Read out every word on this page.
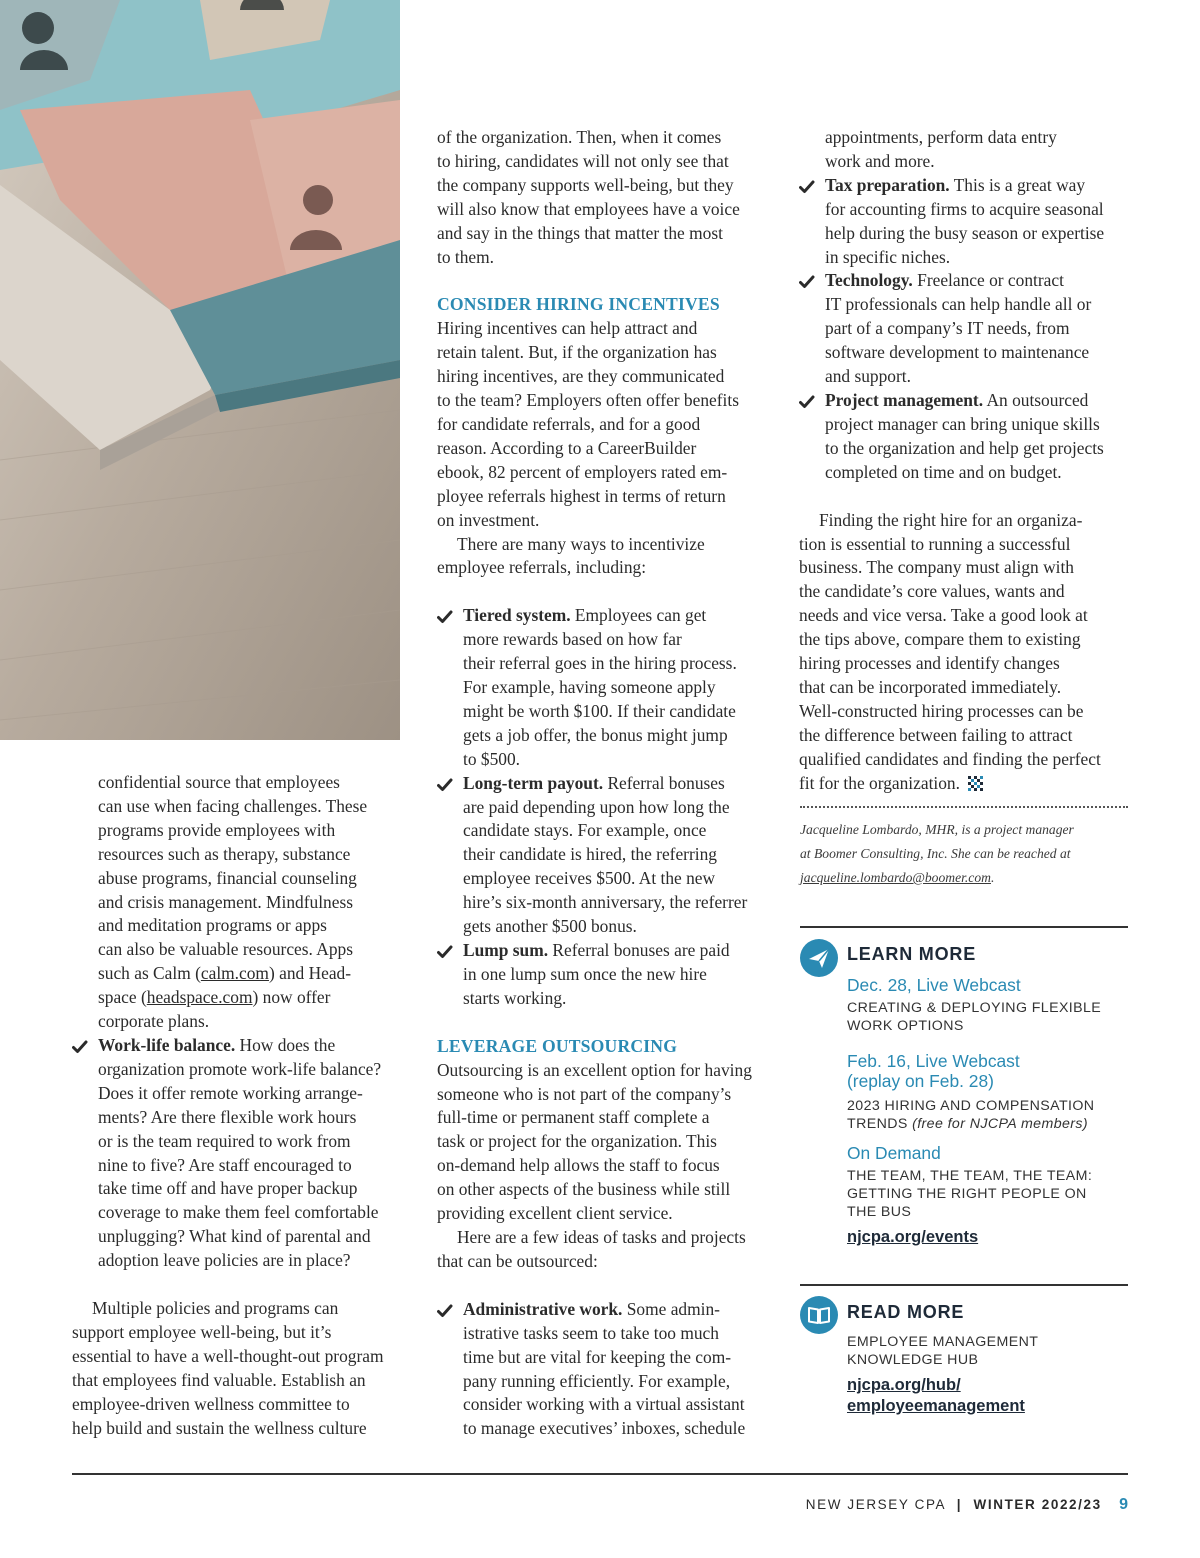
confidential source that employees

can use when facing challenges. These

programs provide employees with

resources such as therapy, substance

abuse programs, financial counseling

and crisis management. Mindfulness

and meditation programs or apps

can also be valuable resources. Apps

such as Calm (calm.com) and Head-

space (headspace.com) now offer

corporate plans.

Work-life balance. How does the

organization promote work-life balance?

Does it offer remote working arrange-

ments? Are there flexible work hours

or is the team required to work from

nine to five? Are staff encouraged to

take time off and have proper backup

coverage to make them feel comfortable

unplugging? What kind of parental and

adoption leave policies are in place?

Multiple policies and programs can

support employee well-being, but it’s

essential to have a well-thought-out program

that employees find valuable. Establish an

employee-driven wellness committee to

help build and sustain the wellness culture

of the organization. Then, when it comes

to hiring, candidates will not only see that

the company supports well-being, but they

will also know that employees have a voice

and say in the things that matter the most

to them.

CONSIDER HIRING INCENTIVES

Hiring incentives can help attract and

retain talent. But, if the organization has

hiring incentives, are they communicated

to the team? Employers often offer benefits

for candidate referrals, and for a good

reason. According to a CareerBuilder

ebook, 82 percent of employers rated em-

ployee referrals highest in terms of return

on investment.

There are many ways to incentivize

employee referrals, including:

Tiered system. Employees can get

more rewards based on how far

their referral goes in the hiring process.

For example, having someone apply

might be worth $100. If their candidate

gets a job offer, the bonus might jump

to $500.

Long-term payout. Referral bonuses

are paid depending upon how long the

candidate stays. For example, once

their candidate is hired, the referring

employee receives $500. At the new

hire’s six-month anniversary, the referrer

gets another $500 bonus.

Lump sum. Referral bonuses are paid

in one lump sum once the new hire

starts working.

LEVERAGE OUTSOURCING

Outsourcing is an excellent option for having

someone who is not part of the company’s

full-time or permanent staff complete a

task or project for the organization. This

on-demand help allows the staff to focus

on other aspects of the business while still

providing excellent client service.

Here are a few ideas of tasks and projects

that can be outsourced:

Administrative work. Some admin-

istrative tasks seem to take too much

time but are vital for keeping the com-

pany running efficiently. For example,

consider working with a virtual assistant

to manage executives’ inboxes, schedule

appointments, perform data entry

work and more.

Tax preparation. This is a great way

for accounting firms to acquire seasonal

help during the busy season or expertise

in specific niches.

Technology. Freelance or contract

IT professionals can help handle all or

part of a company’s IT needs, from

software development to maintenance

and support.

Project management. An outsourced

project manager can bring unique skills

to the organization and help get projects

completed on time and on budget.

Finding the right hire for an organiza-

tion is essential to running a successful

business. The company must align with

the candidate’s core values, wants and

needs and vice versa. Take a good look at

the tips above, compare them to existing

hiring processes and identify changes

that can be incorporated immediately.

Well-constructed hiring processes can be

the difference between failing to attract

qualified candidates and finding the perfect

fit for the organization.

Jacqueline Lombardo, MHR, is a project manager
at Boomer Consulting, Inc. She can be reached at
jacqueline.lombardo@boomer.com.
LEARN MORE
Dec. 28, Live Webcast
CREATING & DEPLOYING FLEXIBLE WORK OPTIONS
Feb. 16, Live Webcast (replay on Feb. 28)
2023 HIRING AND COMPENSATION TRENDS (free for NJCPA members)
On Demand
THE TEAM, THE TEAM, THE TEAM: GETTING THE RIGHT PEOPLE ON THE BUS
njcpa.org/events
READ MORE
EMPLOYEE MANAGEMENT KNOWLEDGE HUB
njcpa.org/hub/
employeemanagement
NEW JERSEY CPA | WINTER 2022/23 9
